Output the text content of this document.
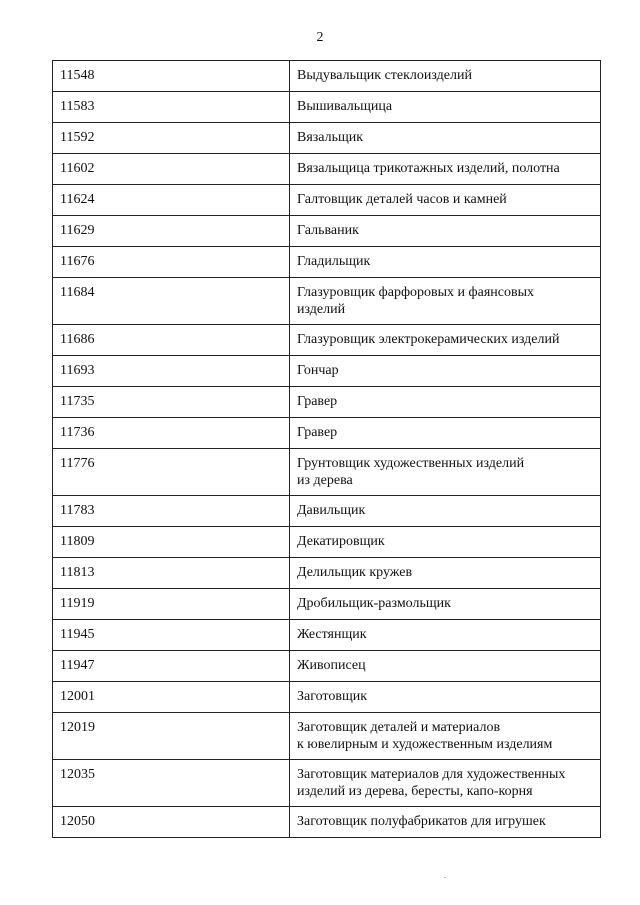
2
11548	Выдувальщик стеклоизделий
11583	Вышивальщица
11592	Вязальщик
11602	Вязальщица трикотажных изделий, полотна
11624	Галтовщик деталей часов и камней
11629	Гальваник
11676	Гладильщик
11684	Глазуровщик фарфоровых и фаянсовых
изделий
11686	Глазуровщик электрокерамических изделий
11693	Гончар
11735	Гравер
11736	Гравер
11776	Грунтовщик художественных изделий
из дерева
11783	Давильщик
11809	Декатировщик
11813	Делильщик кружев
11919	Дробильщик-размольщик
11945	Жестянщик
11947	Живописец
12001	Заготовщик
12019	Заготовщик деталей и материалов
к ювелирным и художественным изделиям
12035	Заготовщик материалов для художественных
изделий из дерева, бересты, капо-корня
12050	Заготовщик полуфабрикатов для игрушек
